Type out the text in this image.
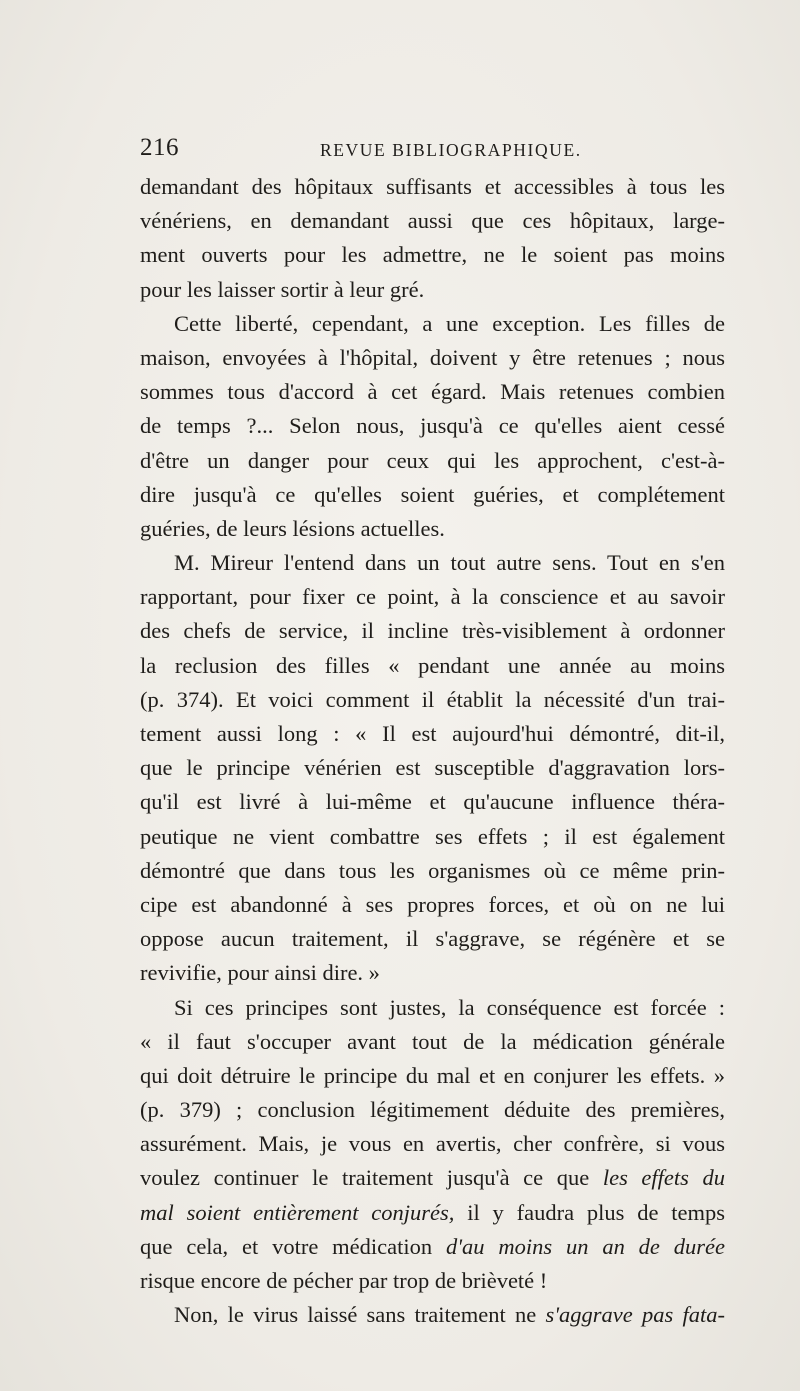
216	REVUE BIBLIOGRAPHIQUE.
demandant des hôpitaux suffisants et accessibles à tous les
vénériens, en demandant aussi que ces hôpitaux, large-
ment ouverts pour les admettre, ne le soient pas moins
pour les laisser sortir à leur gré.
Cette liberté, cependant, a une exception. Les filles de
maison, envoyées à l'hôpital, doivent y être retenues ; nous
sommes tous d'accord à cet égard. Mais retenues combien
de temps ?... Selon nous, jusqu'à ce qu'elles aient cessé
d'être un danger pour ceux qui les approchent, c'est-à-
dire jusqu'à ce qu'elles soient guéries, et complétement
guéries, de leurs lésions actuelles.
M. Mireur l'entend dans un tout autre sens. Tout en s'en
rapportant, pour fixer ce point, à la conscience et au savoir
des chefs de service, il incline très-visiblement à ordonner
la reclusion des filles « pendant une année au moins
(p. 374). Et voici comment il établit la nécessité d'un trai-
tement aussi long : « Il est aujourd'hui démontré, dit-il,
que le principe vénérien est susceptible d'aggravation lors-
qu'il est livré à lui-même et qu'aucune influence théra-
peutique ne vient combattre ses effets ; il est également
démontré que dans tous les organismes où ce même prin-
cipe est abandonné à ses propres forces, et où on ne lui
oppose aucun traitement, il s'aggrave, se régénère et se
revivifie, pour ainsi dire. »
Si ces principes sont justes, la conséquence est forcée :
« il faut s'occuper avant tout de la médication générale
qui doit détruire le principe du mal et en conjurer les effets. »
(p. 379) ; conclusion légitimement déduite des premières,
assurément. Mais, je vous en avertis, cher confrère, si vous
voulez continuer le traitement jusqu'à ce que les effets du
mal soient entièrement conjurés, il y faudra plus de temps
que cela, et votre médication d'au moins un an de durée
risque encore de pécher par trop de brièveté !
Non, le virus laissé sans traitement ne s'aggrave pas fata-
